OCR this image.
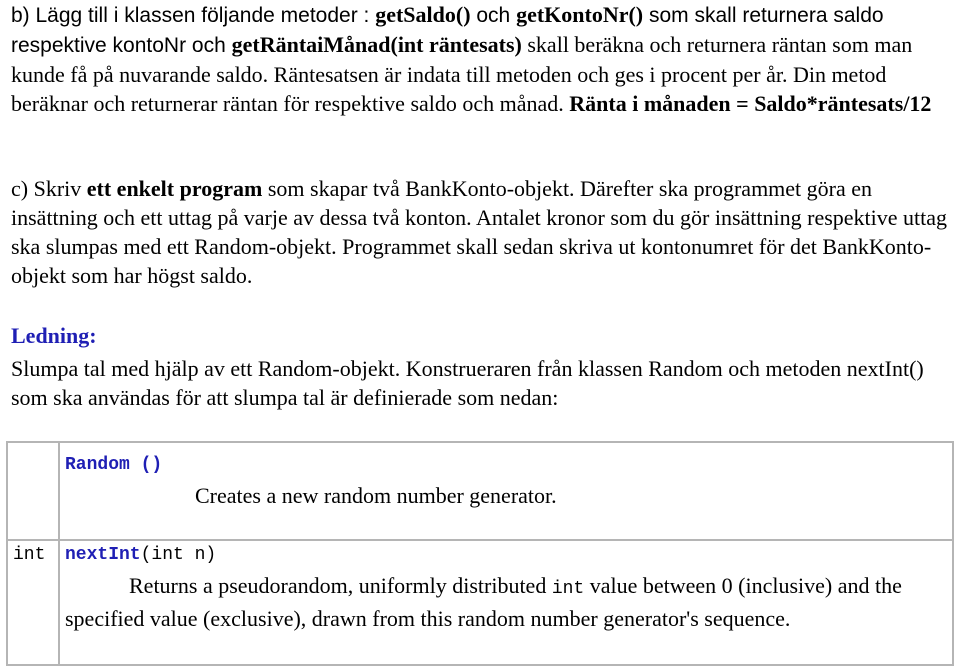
b) Lägg till i klassen följande metoder : getSaldo() och getKontoNr() som skall returnera saldo respektive kontoNr och getRäntaiMånad(int räntesats) skall beräkna och returnera räntan som man kunde få på nuvarande saldo. Räntesatsen är indata till metoden och ges i procent per år. Din metod beräknar och returnerar räntan för respektive saldo och månad. Ränta i månaden = Saldo*räntesats/12

c) Skriv ett enkelt program som skapar två BankKonto-objekt. Därefter ska programmet göra en insättning och ett uttag på varje av dessa två konton. Antalet kronor som du gör insättning respektive uttag ska slumpas med ett Random-objekt. Programmet skall sedan skriva ut kontonumret för det BankKonto-objekt som har högst saldo.

Ledning:

Slumpa tal med hjälp av ett Random-objekt. Konstrueraren från klassen Random och metoden nextInt() som ska användas för att slumpa tal är definierade som nedan:

Random ()
Creates a new random number generator.
int nextInt(int n)
Returns a pseudorandom, uniformly distributed int value between 0 (inclusive) and the specified value (exclusive), drawn from this random number generator's sequence.
